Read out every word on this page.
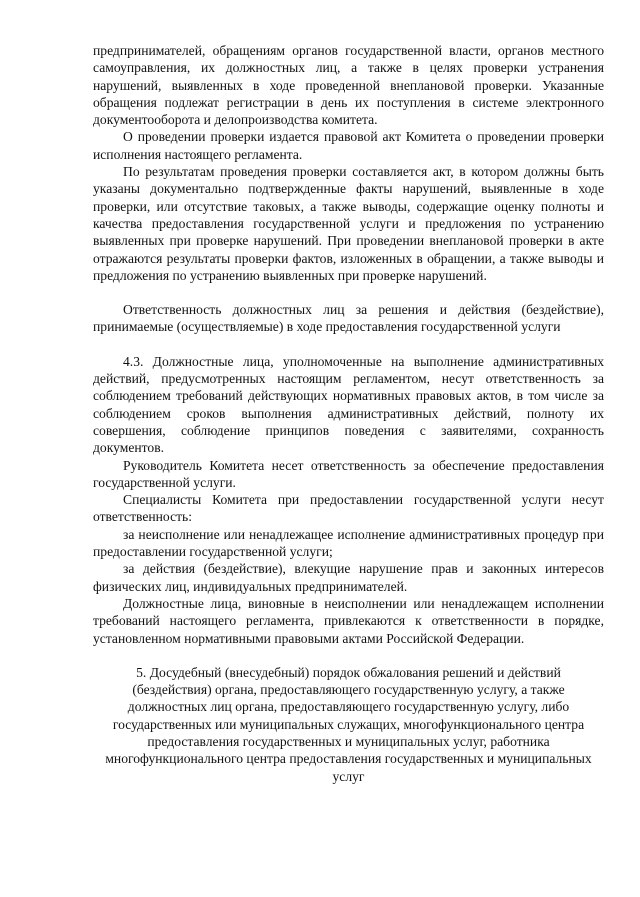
предпринимателей, обращениям органов государственной власти, органов местного самоуправления, их должностных лиц, а также в целях проверки устранения нарушений, выявленных в ходе проведенной внеплановой проверки. Указанные обращения подлежат регистрации в день их поступления в системе электронного документооборота и делопроизводства комитета.

О проведении проверки издается правовой акт Комитета о проведении проверки исполнения настоящего регламента.

По результатам проведения проверки составляется акт, в котором должны быть указаны документально подтвержденные факты нарушений, выявленные в ходе проверки, или отсутствие таковых, а также выводы, содержащие оценку полноты и качества предоставления государственной услуги и предложения по устранению выявленных при проверке нарушений. При проведении внеплановой проверки в акте отражаются результаты проверки фактов, изложенных в обращении, а также выводы и предложения по устранению выявленных при проверке нарушений.

Ответственность должностных лиц за решения и действия (бездействие), принимаемые (осуществляемые) в ходе предоставления государственной услуги

4.3. Должностные лица, уполномоченные на выполнение административных действий, предусмотренных настоящим регламентом, несут ответственность за соблюдением требований действующих нормативных правовых актов, в том числе за соблюдением сроков выполнения административных действий, полноту их совершения, соблюдение принципов поведения с заявителями, сохранность документов.

Руководитель Комитета несет ответственность за обеспечение предоставления государственной услуги.

Специалисты Комитета при предоставлении государственной услуги несут ответственность:

за неисполнение или ненадлежащее исполнение административных процедур при предоставлении государственной услуги;

за действия (бездействие), влекущие нарушение прав и законных интересов физических лиц, индивидуальных предпринимателей.

Должностные лица, виновные в неисполнении или ненадлежащем исполнении требований настоящего регламента, привлекаются к ответственности в порядке, установленном нормативными правовыми актами Российской Федерации.

5. Досудебный (внесудебный) порядок обжалования решений и действий (бездействия) органа, предоставляющего государственную услугу, а также должностных лиц органа, предоставляющего государственную услугу, либо государственных или муниципальных служащих, многофункционального центра предоставления государственных и муниципальных услуг, работника многофункционального центра предоставления государственных и муниципальных услуг
